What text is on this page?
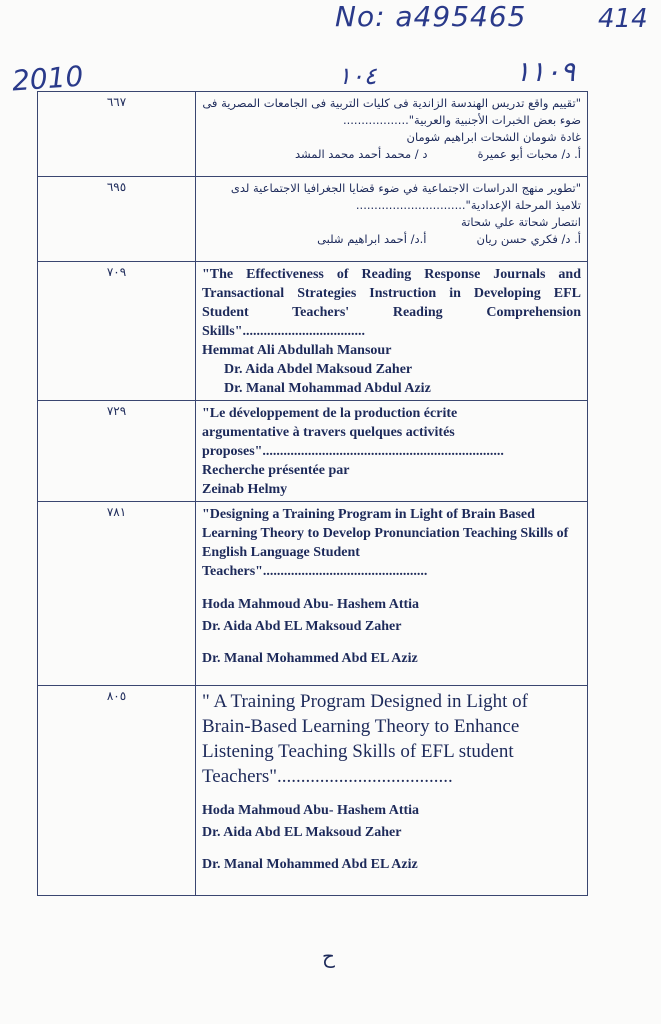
No: a495465	414
2010	١٠٤	١١٠٩
٦٦٧	"تقييم واقع تدريس الهندسة الزاندية فى كليات التربية فى الجامعات المصرية فى ضوء بعض الخبرات الأجنبية والعربية"..................
غادة شومان الشحات ابراهيم شومان
أ. د/ محبات أبو عميرة
د / محمد أحمد محمد المشد

٦٩٥	"تطوير منهج الدراسات الاجتماعية في ضوء قضايا الجغرافيا الاجتماعية لدى تلاميذ المرحلة الإعدادية"..............................
انتصار شحاتة علي شحاتة
أ. د/ فكري حسن ريان
أ.د/ أحمد ابراهيم شلبى

٧٠٩	"The Effectiveness of Reading Response Journals and Transactional Strategies Instruction in Developing EFL Student Teachers' Reading Comprehension Skills"...................................
Hemmat Ali Abdullah Mansour
Dr. Aida Abdel Maksoud Zaher
Dr. Manal Mohammad Abdul Aziz

٧٢٩	"Le développement de la production écrite
argumentative à travers quelques activités
proposes".....................................................................
Recherche présentée par
Zeinab Helmy

٧٨١	"Designing a Training Program in Light of Brain Based Learning Theory to Develop Pronunciation Teaching Skills of English Language Student Teachers"...............................................
Hoda Mahmoud Abu- Hashem Attia
Dr. Aida Abd EL Maksoud Zaher
Dr. Manal Mohammed Abd EL Aziz

٨٠٥	" A Training Program Designed in Light of Brain-Based Learning Theory to Enhance Listening Teaching Skills of EFL student Teachers".....................................
Hoda Mahmoud Abu- Hashem Attia
Dr. Aida Abd EL Maksoud Zaher
Dr. Manal Mohammed Abd EL Aziz
ح
